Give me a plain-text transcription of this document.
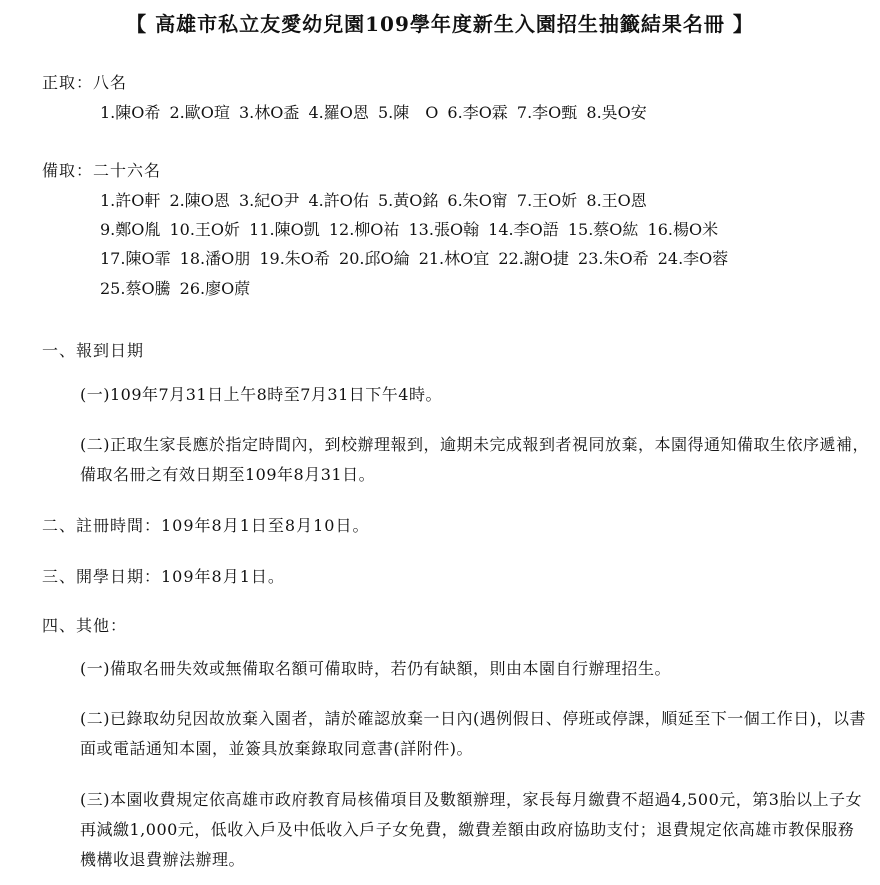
【 高雄市私立友愛幼兒園109學年度新生入園招生抽籤結果名冊 】
正取：八名
1.陳O希 2.歐O瑄 3.林O盉 4.羅O恩 5.陳　O 6.李O霖 7.李O甄 8.吳O安
備取：二十六名
1.許O軒 2.陳O恩 3.紀O尹 4.許O佑 5.黃O銘 6.朱O甯 7.王O妡 8.王O恩
9.鄭O胤 10.王O妡 11.陳O凱 12.柳O祐 13.張O翰 14.李O語 15.蔡O紘 16.楊O米
17.陳O霏 18.潘O朋 19.朱O希 20.邱O綸 21.林O宜 22.謝O捷 23.朱O希 24.李O蓉
25.蔡O騰 26.廖O蒝
一、報到日期
(一)109年7月31日上午8時至7月31日下午4時。
(二)正取生家長應於指定時間內，到校辦理報到，逾期未完成報到者視同放棄，本園得通知備取生依序遞補，備取名冊之有效日期至109年8月31日。
二、註冊時間：109年8月1日至8月10日。
三、開學日期：109年8月1日。
四、其他：
(一)備取名冊失效或無備取名額可備取時，若仍有缺額，則由本園自行辦理招生。
(二)已錄取幼兒因故放棄入園者，請於確認放棄一日內(遇例假日、停班或停課，順延至下一個工作日)，以書面或電話通知本園，並簽具放棄錄取同意書(詳附件)。
(三)本園收費規定依高雄市政府教育局核備項目及數額辦理，家長每月繳費不超過4,500元，第3胎以上子女再減繳1,000元，低收入戶及中低收入戶子女免費，繳費差額由政府協助支付；退費規定依高雄市教保服務機構收退費辦法辦理。
